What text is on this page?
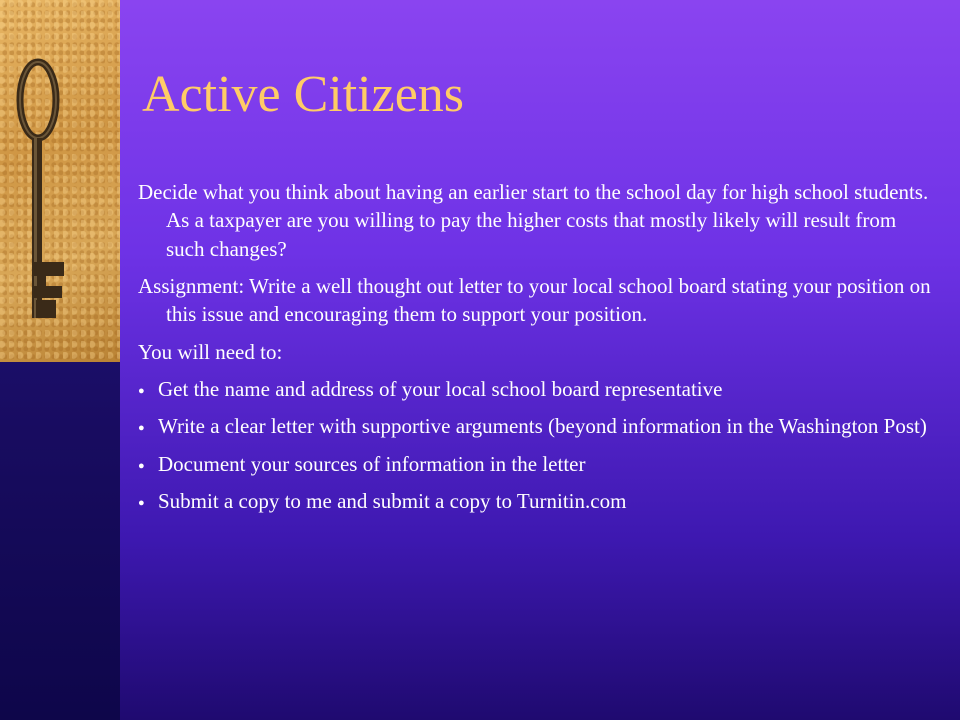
Active Citizens

Decide what you think about having an earlier start to the school day for high school students. As a taxpayer are you willing to pay the higher costs that mostly likely will result from such changes?

Assignment: Write a well thought out letter to your local school board stating your position on this issue and encouraging them to support your position.

You will need to:

● Get the name and address of your local school board representative
● Write a clear letter with supportive arguments (beyond information in the Washington Post)
● Document your sources of information in the letter
● Submit a copy to me and submit a copy to Turnitin.com
